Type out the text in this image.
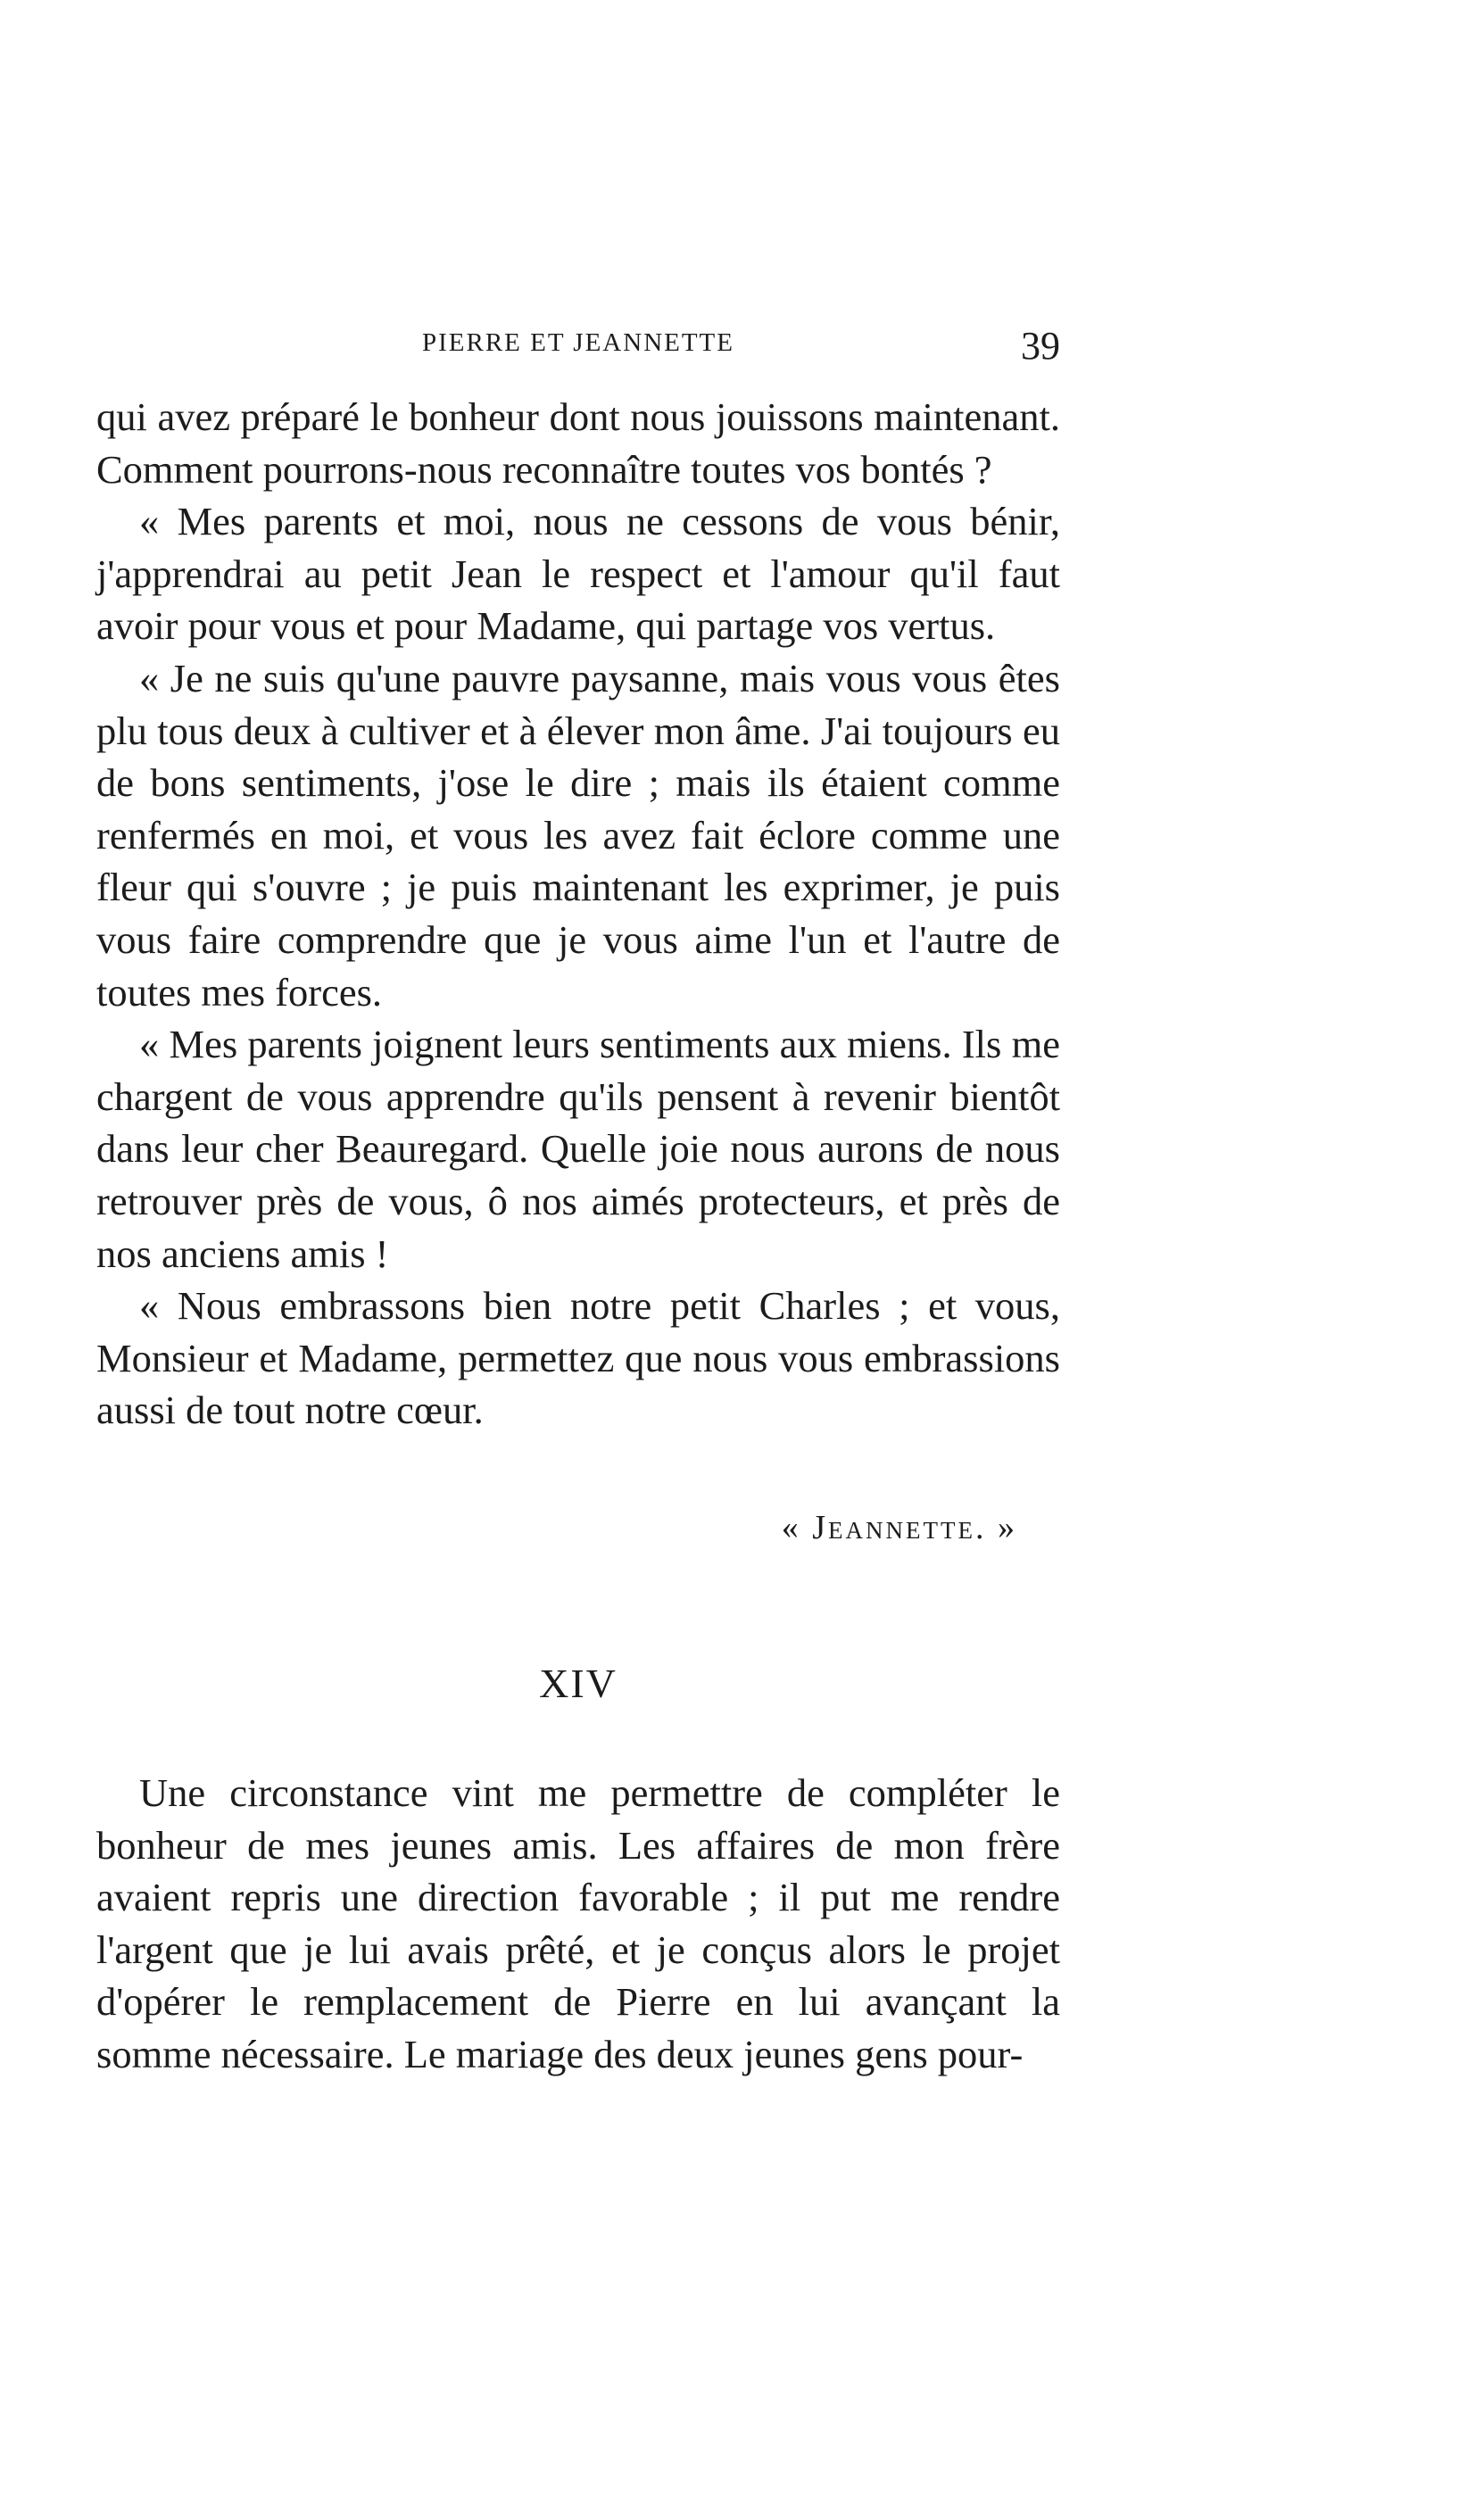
PIERRE ET JEANNETTE	39

qui avez préparé le bonheur dont nous jouissons maintenant. Comment pourrons-nous reconnaître toutes vos bontés ?

« Mes parents et moi, nous ne cessons de vous bénir, j'apprendrai au petit Jean le respect et l'amour qu'il faut avoir pour vous et pour Madame, qui partage vos vertus.

« Je ne suis qu'une pauvre paysanne, mais vous vous êtes plu tous deux à cultiver et à élever mon âme. J'ai toujours eu de bons sentiments, j'ose le dire ; mais ils étaient comme renfermés en moi, et vous les avez fait éclore comme une fleur qui s'ouvre ; je puis maintenant les exprimer, je puis vous faire comprendre que je vous aime l'un et l'autre de toutes mes forces.

« Mes parents joignent leurs sentiments aux miens. Ils me chargent de vous apprendre qu'ils pensent à revenir bientôt dans leur cher Beauregard. Quelle joie nous aurons de nous retrouver près de vous, ô nos aimés protecteurs, et près de nos anciens amis !

« Nous embrassons bien notre petit Charles ; et vous, Monsieur et Madame, permettez que nous vous embrassions aussi de tout notre cœur.

« Jeannette. »
XIV

Une circonstance vint me permettre de compléter le bonheur de mes jeunes amis. Les affaires de mon frère avaient repris une direction favorable ; il put me rendre l'argent que je lui avais prêté, et je conçus alors le projet d'opérer le remplacement de Pierre en lui avançant la somme nécessaire. Le mariage des deux jeunes gens pour-
